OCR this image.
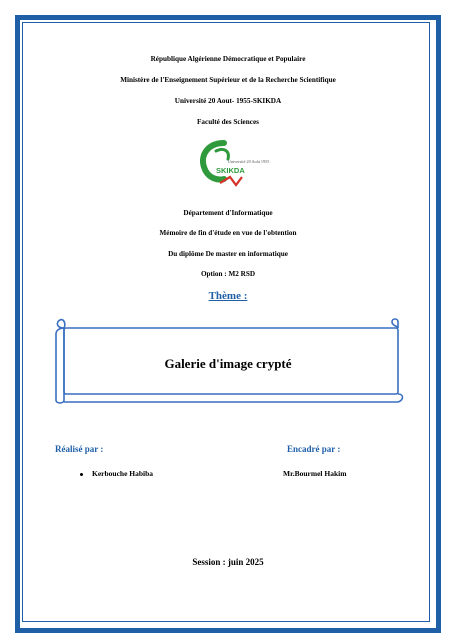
République Algérienne Démocratique et Populaire
Ministère de l'Enseignement Supérieur et de la Recherche Scientifique
Université 20 Aout- 1955-SKIKDA
Faculté des Sciences
Université 20 Août 1955
SKIKDA
Département d'Informatique
Mémoire de fin d'étude en vue de l'obtention
Du diplôme De master en informatique
Option : M2 RSD
Thème :
Galerie d'image crypté
Réalisé par :	Encadré par :
Kerbouche Habiba	Mr.Bourmel Hakim
Session : juin 2025
